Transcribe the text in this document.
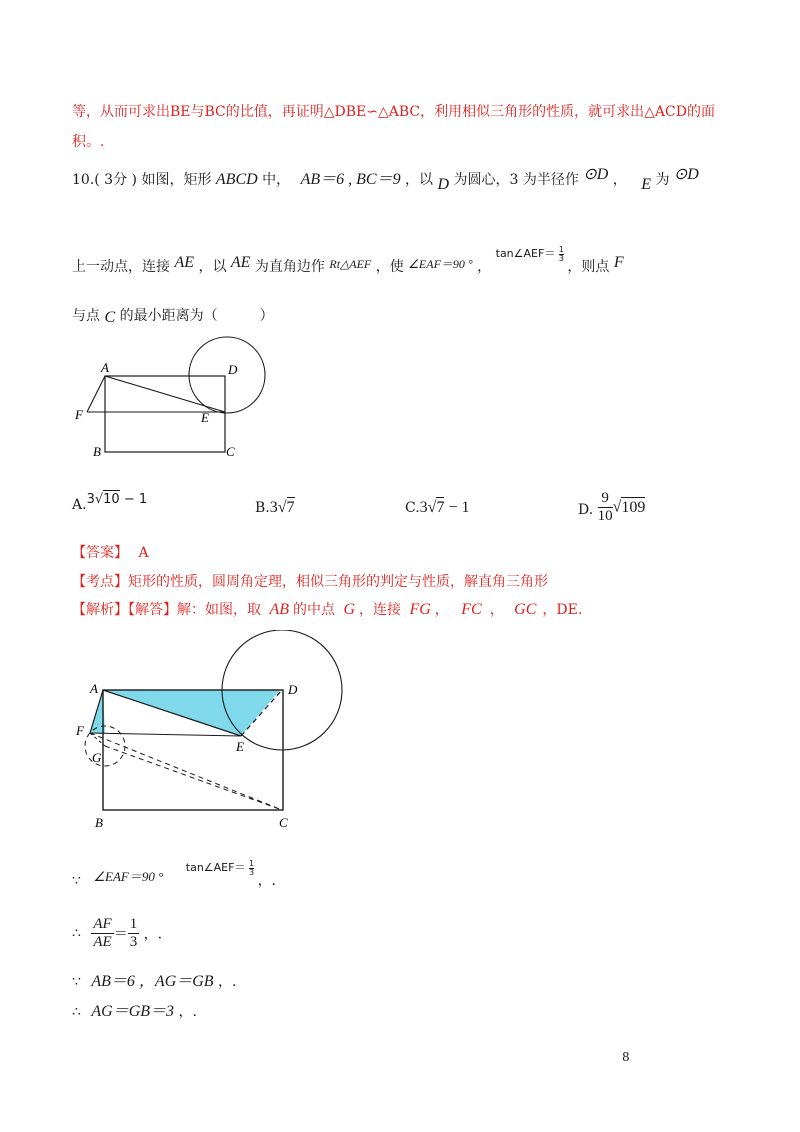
等，从而可求出BE与BC的比值，再证明△DBE∽△ABC，利用相似三角形的性质，就可求出△ACD的面
积。.
10.( 3分 ) 如图，矩形 ABCD 中， AB＝6 , BC＝9 ，以 D 为圆心，3 为半径作 ⊙D ， E 为 ⊙D
上一动点，连接 AE ，以 AE 为直角边作 Rt△AEF ，使 ∠EAF＝90 ° ， $^{tan\angle AEF= \frac{1}{3}}$
，则点 F
与点 C 的最小距离为（　　　）
A	D
F	E
B	C
A.3√10 − 1
B.3√7	C.3√7 − 1	D. $\frac{9}{10} √109$
【答案】 A
【考点】矩形的性质，圆周角定理，相似三角形的判定与性质，解直角三角形
【解析】【解答】解：如图，取 AB 的中点 G ，连接 FG ， FC ， GC ，DE.
A	D
F
G
E
B	C
∵ ∠EAF＝90 ° $^{tan\angle AEF= \frac{1}{3}}$
，.
∴ $\frac{AF}{AE} = \frac{1}{3}$ ，.
∵ AB＝6 ，AG＝GB ，.
∴ AG＝GB＝3 ，.
8
